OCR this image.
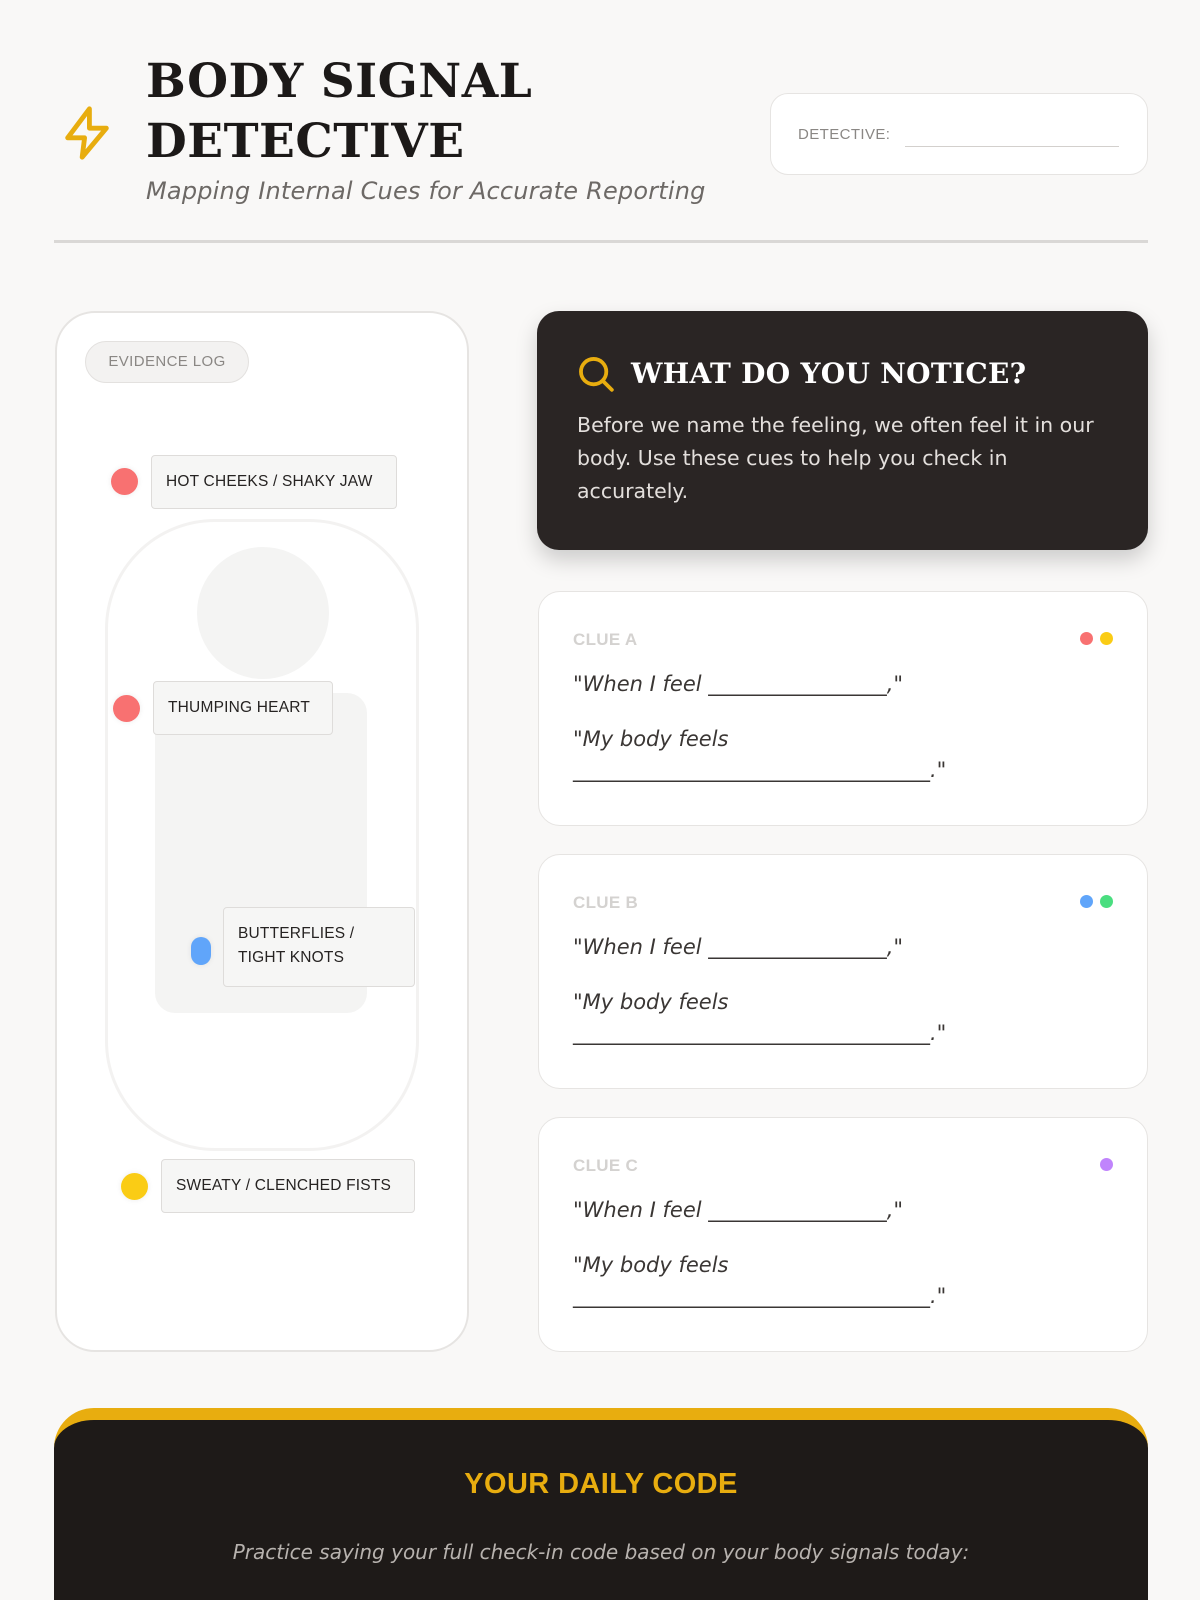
BODY SIGNAL DETECTIVE
Mapping Internal Cues for Accurate Reporting
DETECTIVE:
EVIDENCE LOG
HOT CHEEKS / SHAKY JAW
THUMPING HEART
BUTTERFLIES / TIGHT KNOTS
SWEATY / CLENCHED FISTS
WHAT DO YOU NOTICE?
Before we name the feeling, we often feel it in our body. Use these cues to help you check in accurately.
CLUE A
"When I feel _________________,"
"My body feels __________________________________."
CLUE B
"When I feel _________________,"
"My body feels __________________________________."
CLUE C
"When I feel _________________,"
"My body feels __________________________________."
YOUR DAILY CODE
Practice saying your full check-in code based on your body signals today:
